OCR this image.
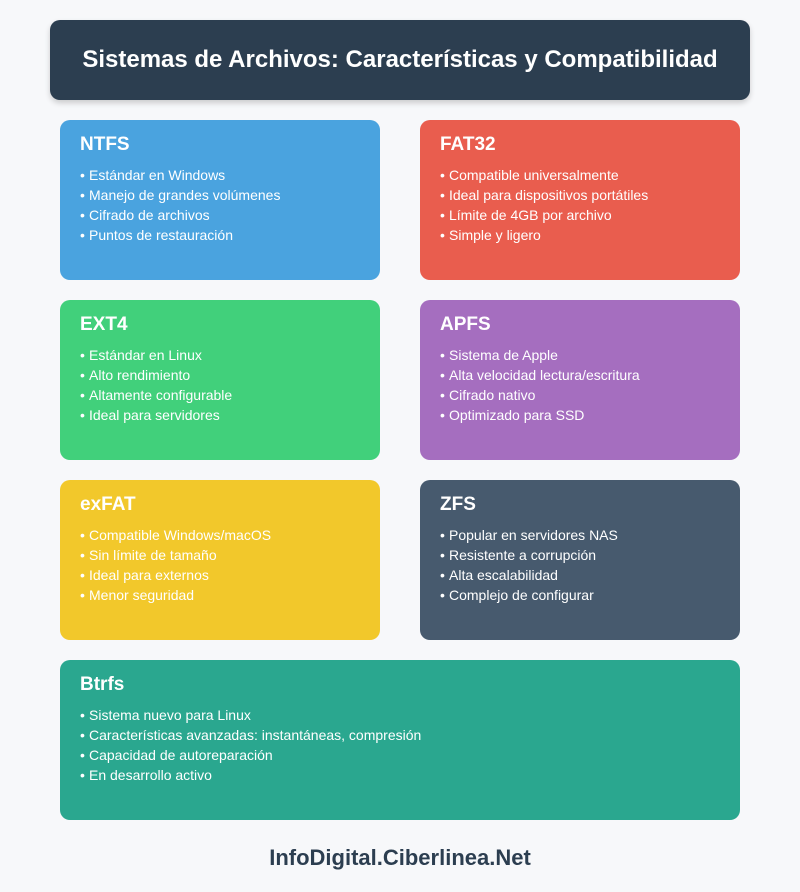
Sistemas de Archivos: Características y Compatibilidad
NTFS
• Estándar en Windows
• Manejo de grandes volúmenes
• Cifrado de archivos
• Puntos de restauración
FAT32
• Compatible universalmente
• Ideal para dispositivos portátiles
• Límite de 4GB por archivo
• Simple y ligero
EXT4
• Estándar en Linux
• Alto rendimiento
• Altamente configurable
• Ideal para servidores
APFS
• Sistema de Apple
• Alta velocidad lectura/escritura
• Cifrado nativo
• Optimizado para SSD
exFAT
• Compatible Windows/macOS
• Sin límite de tamaño
• Ideal para externos
• Menor seguridad
ZFS
• Popular en servidores NAS
• Resistente a corrupción
• Alta escalabilidad
• Complejo de configurar
Btrfs
• Sistema nuevo para Linux
• Características avanzadas: instantáneas, compresión
• Capacidad de autoreparación
• En desarrollo activo
InfoDigital.Ciberlinea.Net
